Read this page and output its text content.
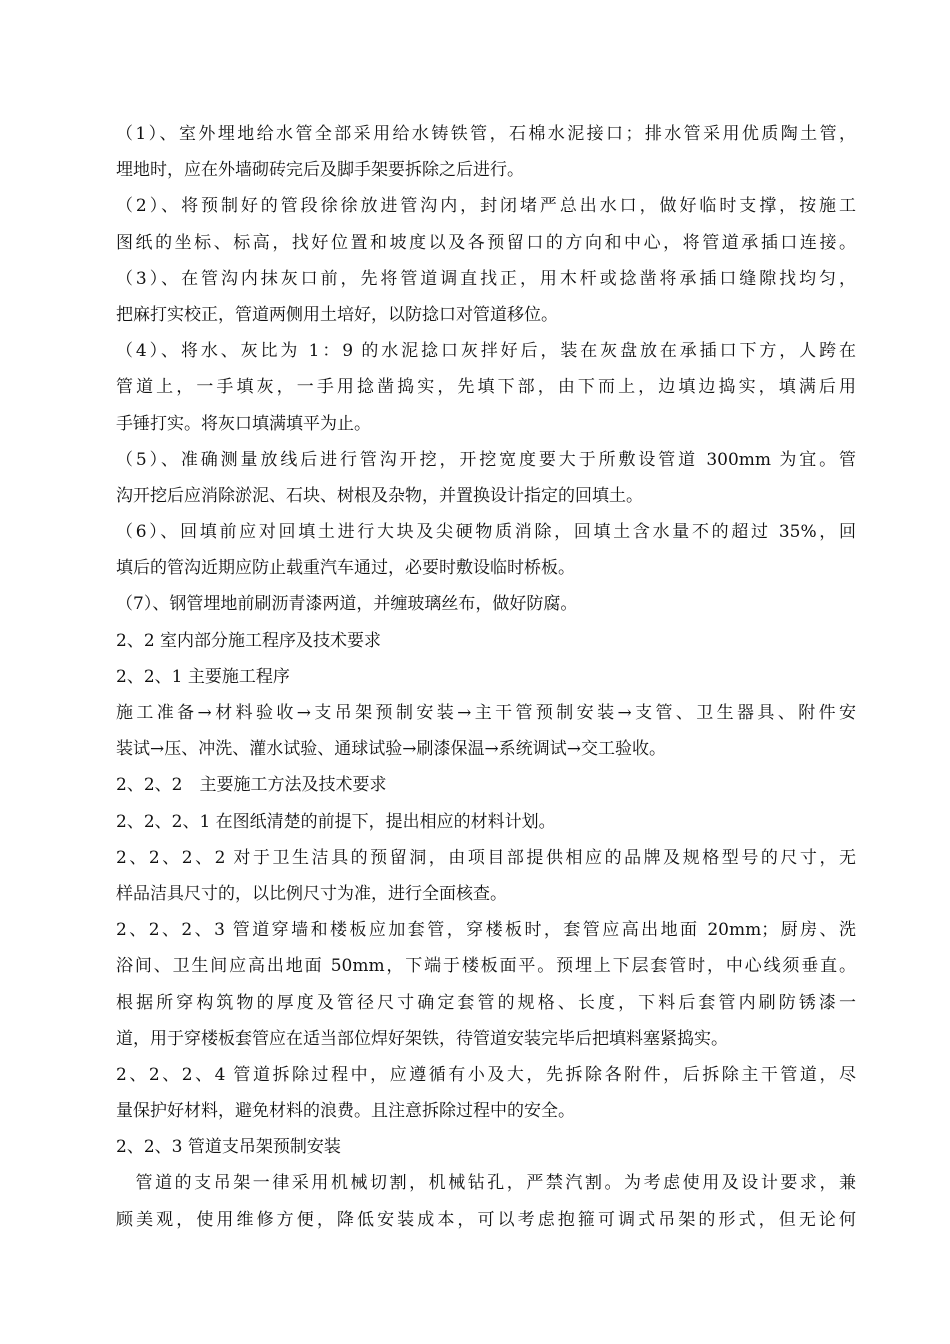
（1）、室外埋地给水管全部采用给水铸铁管，石棉水泥接口；排水管采用优质陶土管，
埋地时，应在外墙砌砖完后及脚手架要拆除之后进行。
（2）、将预制好的管段徐徐放进管沟内，封闭堵严总出水口，做好临时支撑，按施工
图纸的坐标、标高，找好位置和坡度以及各预留口的方向和中心，将管道承插口连接。
（3）、在管沟内抹灰口前，先将管道调直找正，用木杆或捻凿将承插口缝隙找均匀，
把麻打实校正，管道两侧用土培好，以防捻口对管道移位。
（4）、将水、灰比为 1：9 的水泥捻口灰拌好后，装在灰盘放在承插口下方，人跨在
管道上，一手填灰，一手用捻凿捣实，先填下部，由下而上，边填边捣实，填满后用
手锤打实。将灰口填满填平为止。
（5）、准确测量放线后进行管沟开挖，开挖宽度要大于所敷设管道 300mm 为宜。管
沟开挖后应消除淤泥、石块、树根及杂物，并置换设计指定的回填土。
（6）、回填前应对回填土进行大块及尖硬物质消除，回填土含水量不的超过 35%，回
填后的管沟近期应防止载重汽车通过，必要时敷设临时桥板。
（7）、钢管埋地前刷沥青漆两道，并缠玻璃丝布，做好防腐。
2、2 室内部分施工程序及技术要求
2、2、1 主要施工程序
施工准备→材料验收→支吊架预制安装→主干管预制安装→支管、卫生器具、附件安
装试→压、冲洗、灌水试验、通球试验→刷漆保温→系统调试→交工验收。
2、2、2　主要施工方法及技术要求
2、2、2、1 在图纸清楚的前提下，提出相应的材料计划。
2、2、2、2 对于卫生洁具的预留洞，由项目部提供相应的品牌及规格型号的尺寸，无
样品洁具尺寸的，以比例尺寸为准，进行全面核查。
2、2、2、3 管道穿墙和楼板应加套管，穿楼板时，套管应高出地面 20mm；厨房、洗
浴间、卫生间应高出地面 50mm，下端于楼板面平。预埋上下层套管时，中心线须垂直。
根据所穿构筑物的厚度及管径尺寸确定套管的规格、长度，下料后套管内刷防锈漆一
道，用于穿楼板套管应在适当部位焊好架铁，待管道安装完毕后把填料塞紧捣实。
2、2、2、4 管道拆除过程中，应遵循有小及大，先拆除各附件，后拆除主干管道，尽
量保护好材料，避免材料的浪费。且注意拆除过程中的安全。
2、2、3 管道支吊架预制安装
　管道的支吊架一律采用机械切割，机械钻孔，严禁汽割。为考虑使用及设计要求，兼
顾美观，使用维修方便，降低安装成本，可以考虑抱箍可调式吊架的形式，但无论何
